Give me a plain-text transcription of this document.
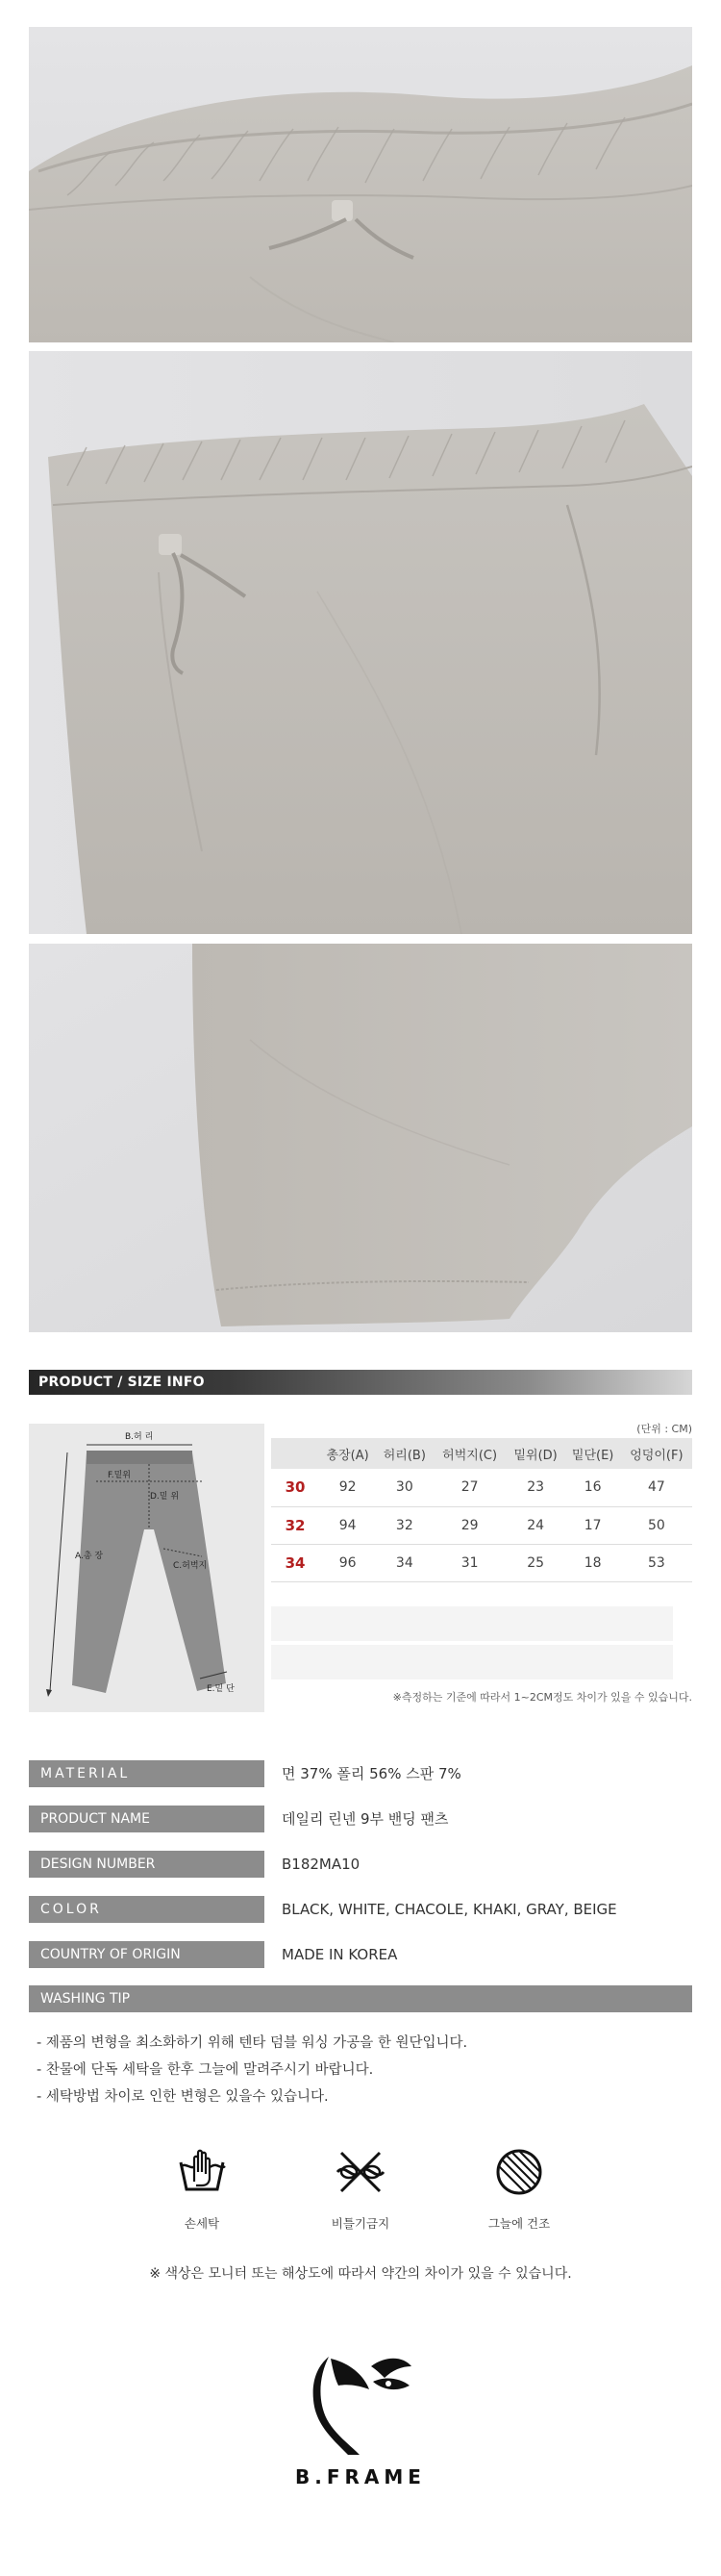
PRODUCT / SIZE INFO
B.허 리
F.밑위
D.밑 위
A.총 장
C.허벅지
E.밑 단
(단위 : CM)
	총장(A)	허리(B)	허벅지(C)	밑위(D)	밑단(E)	엉덩이(F)
30	92	30	27	23	16	47
32	94	32	29	24	17	50
34	96	34	31	25	18	53
※측정하는 기준에 따라서 1~2CM정도 차이가 있을 수 있습니다.
MATERIAL	면 37% 폴리 56% 스판 7%
PRODUCT NAME	데일리 린넨 9부 밴딩 팬츠
DESIGN NUMBER	B182MA10
COLOR	BLACK, WHITE, CHACOLE, KHAKI, GRAY, BEIGE
COUNTRY OF ORIGIN	MADE IN KOREA
WASHING TIP
- 제품의 변형을 최소화하기 위해 텐타 덤블 워싱 가공을 한 원단입니다.
- 찬물에 단독 세탁을 한후 그늘에 말려주시기 바랍니다.
- 세탁방법 차이로 인한 변형은 있을수 있습니다.
손세탁	비틀기금지	그늘에 건조
※ 색상은 모니터 또는 해상도에 따라서 약간의 차이가 있을 수 있습니다.
B.FRAME
